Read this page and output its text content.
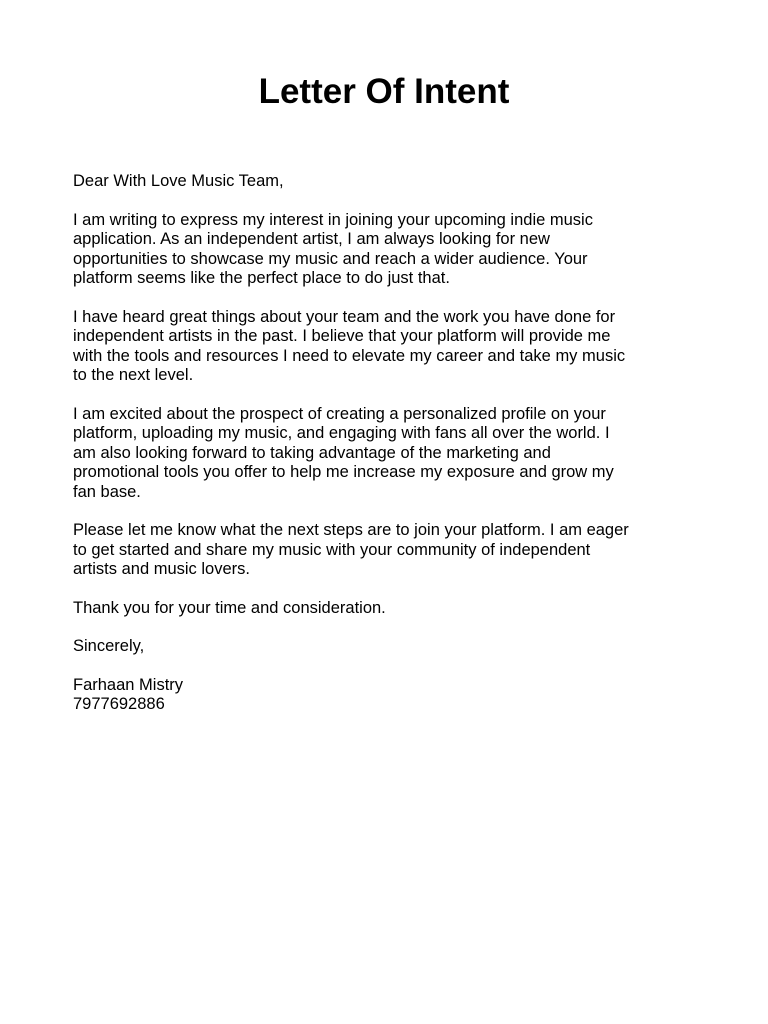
Letter Of Intent

Dear With Love Music Team,

I am writing to express my interest in joining your upcoming indie music
application. As an independent artist, I am always looking for new
opportunities to showcase my music and reach a wider audience. Your
platform seems like the perfect place to do just that.

I have heard great things about your team and the work you have done for
independent artists in the past. I believe that your platform will provide me
with the tools and resources I need to elevate my career and take my music
to the next level.

I am excited about the prospect of creating a personalized profile on your
platform, uploading my music, and engaging with fans all over the world. I
am also looking forward to taking advantage of the marketing and
promotional tools you offer to help me increase my exposure and grow my
fan base.

Please let me know what the next steps are to join your platform. I am eager
to get started and share my music with your community of independent
artists and music lovers.

Thank you for your time and consideration.

Sincerely,

Farhaan Mistry
7977692886
